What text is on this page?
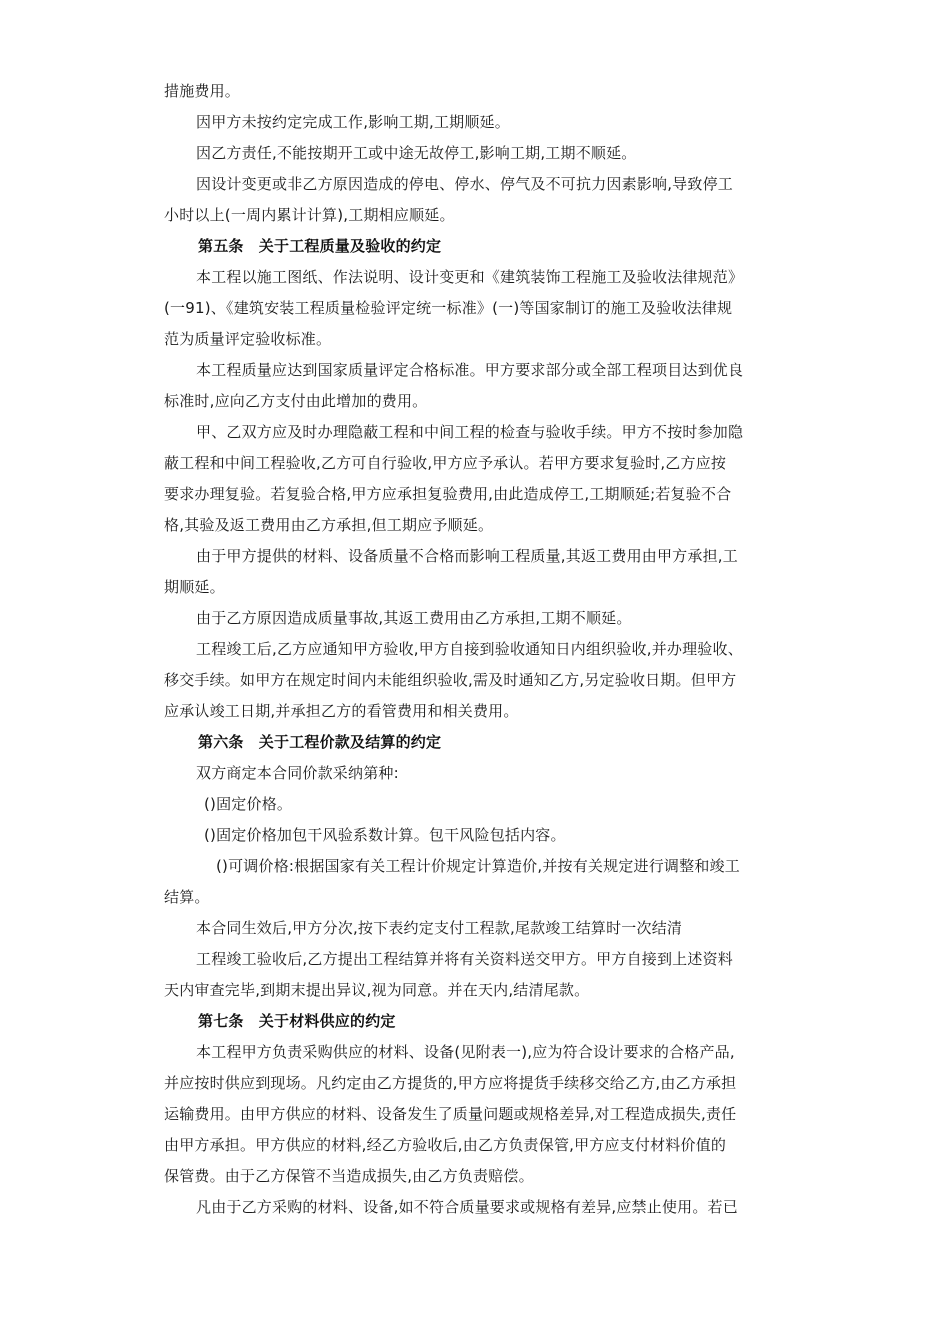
措施费用。
因甲方未按约定完成工作,影响工期,工期顺延。
因乙方责任,不能按期开工或中途无故停工,影响工期,工期不顺延。
因设计变更或非乙方原因造成的停电、停水、停气及不可抗力因素影响,导致停工
小时以上(一周内累计计算),工期相应顺延。
第五条　关于工程质量及验收的约定
本工程以施工图纸、作法说明、设计变更和《建筑装饰工程施工及验收法律规范》
(一91)、《建筑安装工程质量检验评定统一标准》(一)等国家制订的施工及验收法律规
范为质量评定验收标准。
本工程质量应达到国家质量评定合格标准。甲方要求部分或全部工程项目达到优良
标准时,应向乙方支付由此增加的费用。
甲、乙双方应及时办理隐蔽工程和中间工程的检查与验收手续。甲方不按时参加隐
蔽工程和中间工程验收,乙方可自行验收,甲方应予承认。若甲方要求复验时,乙方应按
要求办理复验。若复验合格,甲方应承担复验费用,由此造成停工,工期顺延;若复验不合
格,其验及返工费用由乙方承担,但工期应予顺延。
由于甲方提供的材料、设备质量不合格而影响工程质量,其返工费用由甲方承担,工
期顺延。
由于乙方原因造成质量事故,其返工费用由乙方承担,工期不顺延。
工程竣工后,乙方应通知甲方验收,甲方自接到验收通知日内组织验收,并办理验收、
移交手续。如甲方在规定时间内未能组织验收,需及时通知乙方,另定验收日期。但甲方
应承认竣工日期,并承担乙方的看管费用和相关费用。
第六条　关于工程价款及结算的约定
双方商定本合同价款采纳第种:
()固定价格。
()固定价格加包干风验系数计算。包干风险包括内容。
()可调价格:根据国家有关工程计价规定计算造价,并按有关规定进行调整和竣工
结算。
本合同生效后,甲方分次,按下表约定支付工程款,尾款竣工结算时一次结清
工程竣工验收后,乙方提出工程结算并将有关资料送交甲方。甲方自接到上述资料
天内审查完毕,到期末提出异议,视为同意。并在天内,结清尾款。
第七条　关于材料供应的约定
本工程甲方负责采购供应的材料、设备(见附表一),应为符合设计要求的合格产品,
并应按时供应到现场。凡约定由乙方提货的,甲方应将提货手续移交给乙方,由乙方承担
运输费用。由甲方供应的材料、设备发生了质量问题或规格差异,对工程造成损失,责任
由甲方承担。甲方供应的材料,经乙方验收后,由乙方负责保管,甲方应支付材料价值的
保管费。由于乙方保管不当造成损失,由乙方负责赔偿。
凡由于乙方采购的材料、设备,如不符合质量要求或规格有差异,应禁止使用。若已
